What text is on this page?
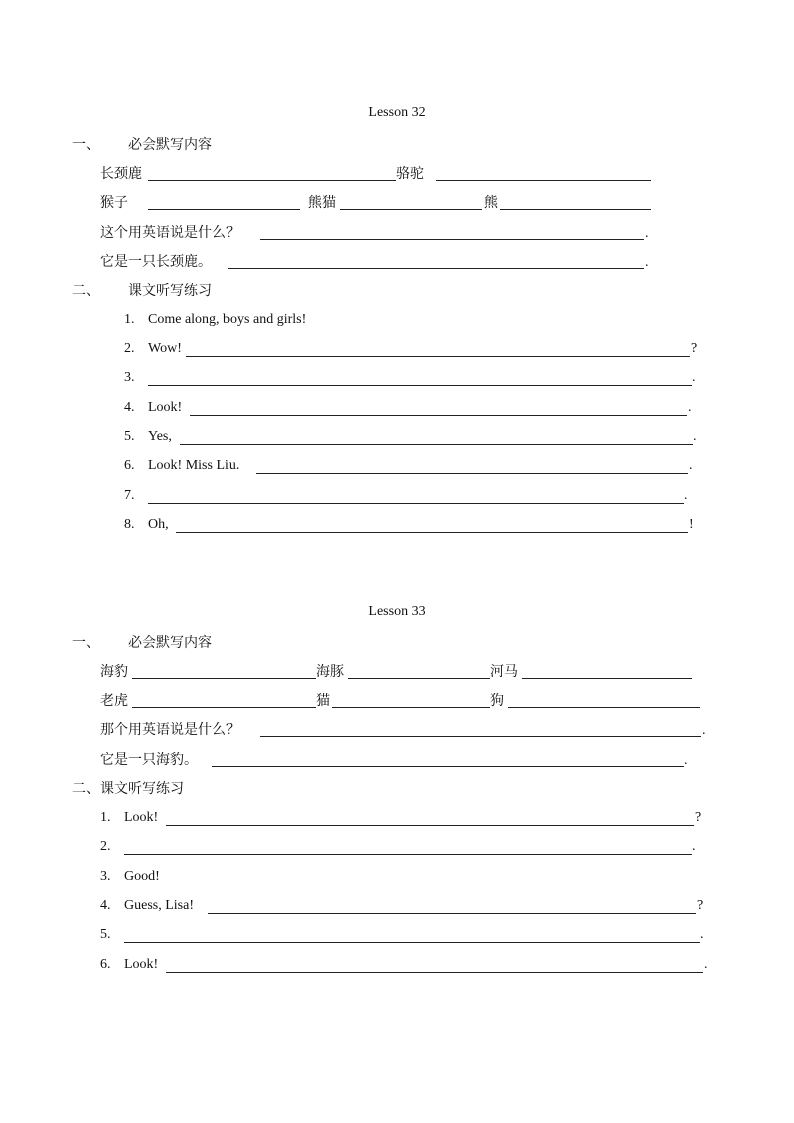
Lesson 32
一、 必会默写内容
长颈鹿	骆驼
猴子	熊猫	熊
这个用英语说是什么？	.
它是一只长颈鹿。	.
二、 课文听写练习
1. Come along, boys and girls!
2. Wow!	?
3.	.
4. Look!	.
5. Yes,	.
6. Look! Miss Liu.	.
7.	.
8. Oh,	!
Lesson 33
一、 必会默写内容
海豹	海豚	河马
老虎	猫	狗
那个用英语说是什么？	.
它是一只海豹。	.
二、课文听写练习
1. Look!	?
2.	.
3. Good!
4. Guess, Lisa!	?
5.	.
6. Look!	.
